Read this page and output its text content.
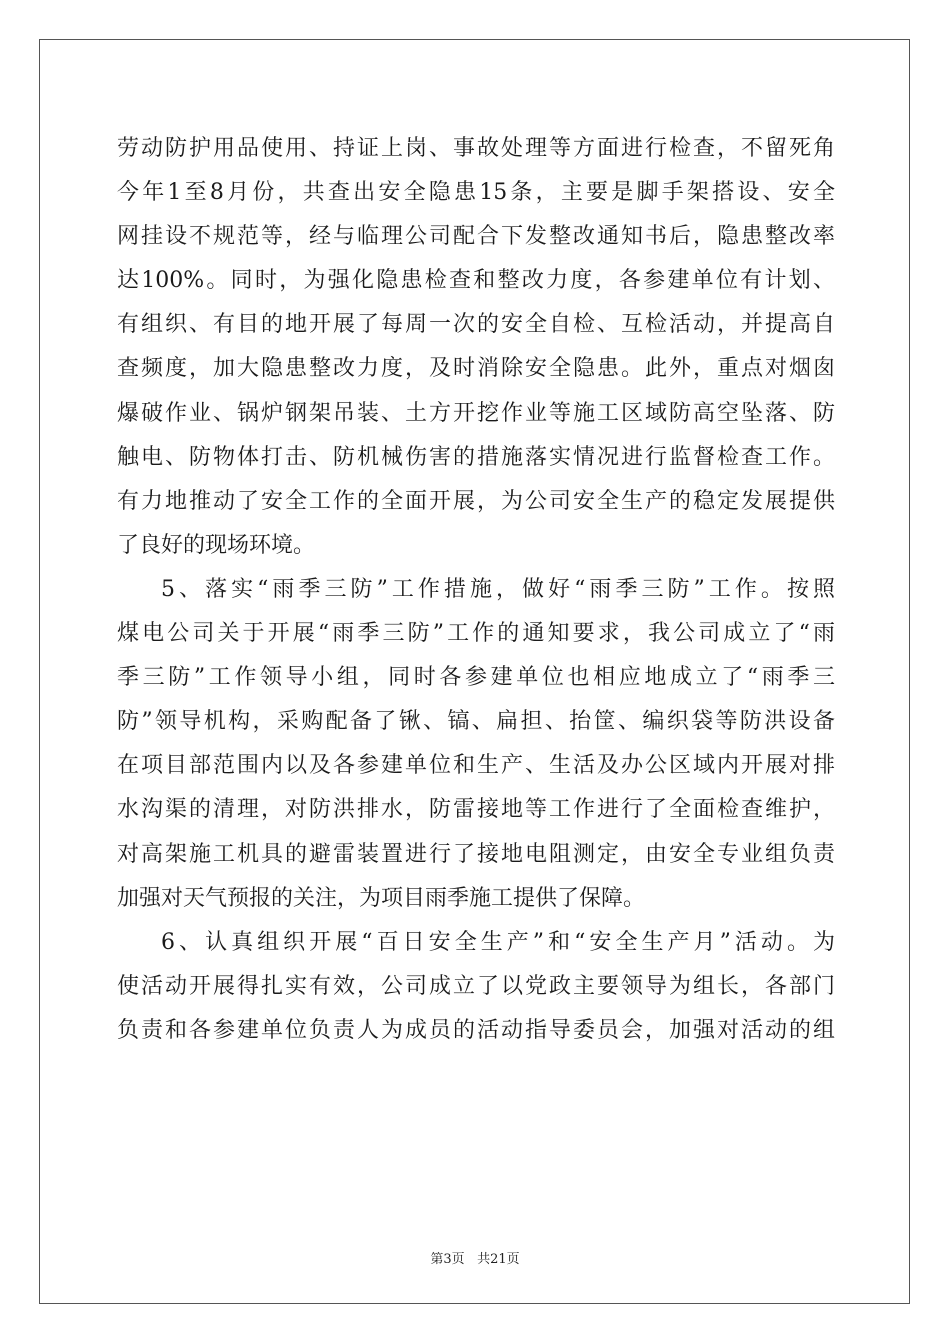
劳动防护用品使用、持证上岗、事故处理等方面进行检查，不留死角
今年1至8月份，共查出安全隐患15条，主要是脚手架搭设、安全
网挂设不规范等，经与临理公司配合下发整改通知书后，隐患整改率
达100%。同时，为强化隐患检查和整改力度，各参建单位有计划、
有组织、有目的地开展了每周一次的安全自检、互检活动，并提高自
查频度，加大隐患整改力度，及时消除安全隐患。此外，重点对烟囱
爆破作业、锅炉钢架吊装、土方开挖作业等施工区域防高空坠落、防
触电、防物体打击、防机械伤害的措施落实情况进行监督检查工作。
有力地推动了安全工作的全面开展，为公司安全生产的稳定发展提供
了良好的现场环境。
5、落实“雨季三防”工作措施，做好“雨季三防”工作。按照
煤电公司关于开展“雨季三防”工作的通知要求，我公司成立了“雨
季三防”工作领导小组，同时各参建单位也相应地成立了“雨季三
防”领导机构，采购配备了锹、镐、扁担、抬筐、编织袋等防洪设备
在项目部范围内以及各参建单位和生产、生活及办公区域内开展对排
水沟渠的清理，对防洪排水，防雷接地等工作进行了全面检查维护，
对高架施工机具的避雷装置进行了接地电阻测定，由安全专业组负责
加强对天气预报的关注，为项目雨季施工提供了保障。
6、认真组织开展“百日安全生产”和“安全生产月”活动。为
使活动开展得扎实有效，公司成立了以党政主要领导为组长，各部门
负责和各参建单位负责人为成员的活动指导委员会，加强对活动的组
第3页 共21页
